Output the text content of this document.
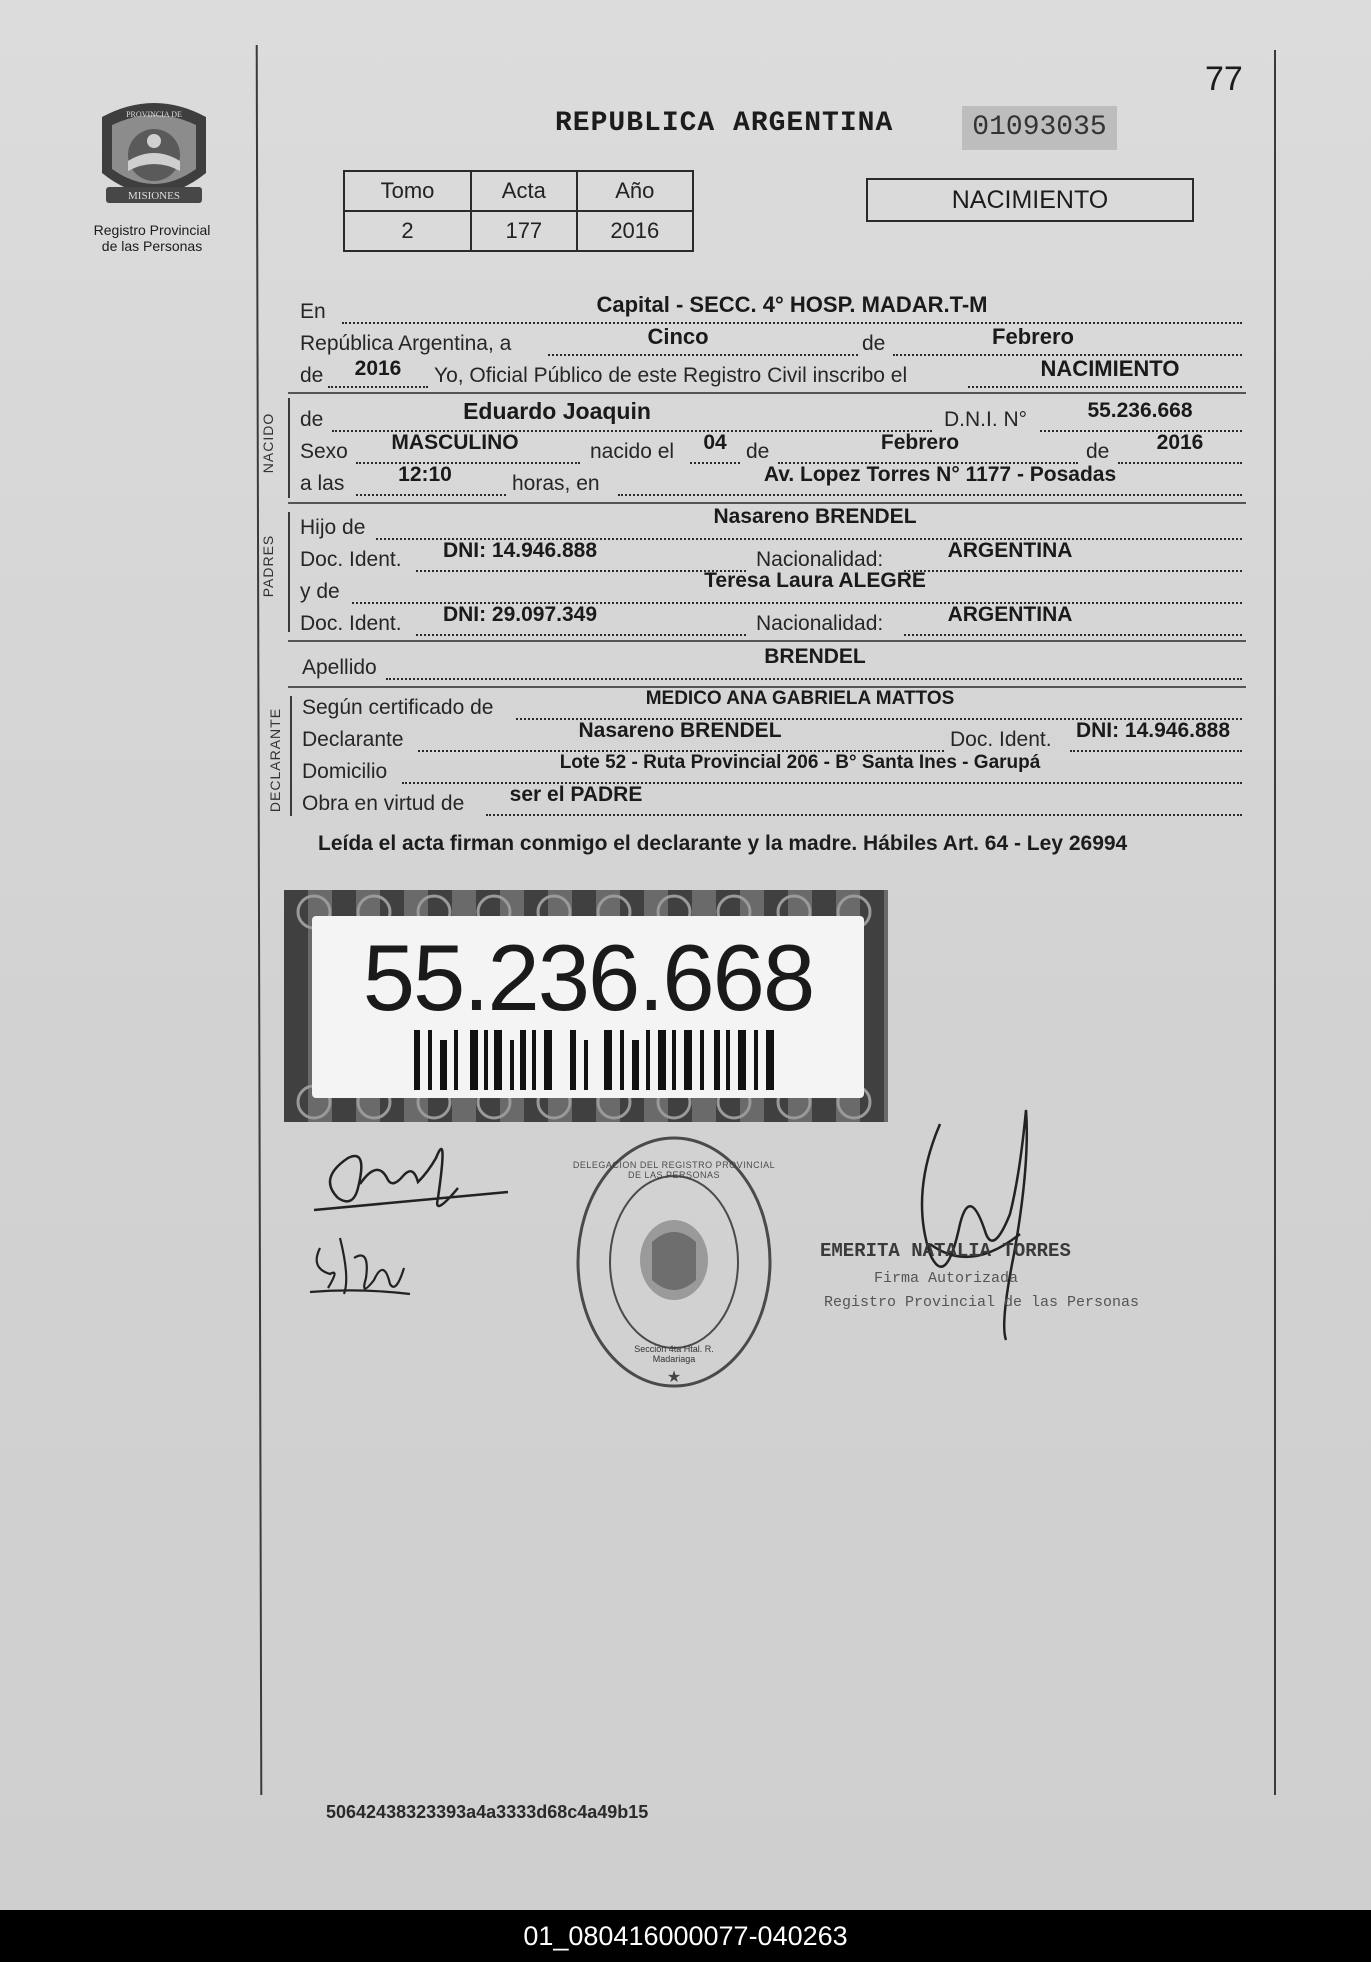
77
MISIONES
PROVINCIA DE
Registro Provincial
de las Personas
REPUBLICA ARGENTINA	01093035
Tomo	Acta	Año
2	177	2016
NACIMIENTO
En	Capital - SECC. 4° HOSP. MADAR.T-M
República Argentina, a	Cinco	de	Febrero
de	2016	Yo, Oficial Público de este Registro Civil inscribo el	NACIMIENTO
NACIDO de	Eduardo Joaquin	D.N.I. N°	55.236.668
Sexo	MASCULINO	nacido el	04 de	Febrero	de	2016
a las	12:10	horas, en	Av. Lopez Torres N° 1177 - Posadas
PADRES
Hijo de	Nasareno BRENDEL
Doc. Ident.	DNI: 14.946.888	Nacionalidad:	ARGENTINA
y de	Teresa Laura ALEGRE
Doc. Ident.	DNI: 29.097.349	Nacionalidad:	ARGENTINA
Apellido	BRENDEL
DECLARANTE
Según certificado de	MEDICO ANA GABRIELA MATTOS
Declarante	Nasareno BRENDEL	Doc. Ident.	DNI: 14.946.888
Domicilio	Lote 52 - Ruta Provincial 206 - B° Santa Ines - Garupá
Obra en virtud de	ser el PADRE
Leída el acta firman conmigo el declarante y la madre. Hábiles Art. 64 - Ley 26994
55.236.668
★
DELEGACION DEL REGISTRO PROVINCIAL DE LAS PERSONAS
Sección 4ta Htal. R. Madariaga
EMERITA NATALIA TORRES
Firma Autorizada
Registro Provincial de las Personas
50642438323393a4a3333d68c4a49b15
01_080416000077-040263
